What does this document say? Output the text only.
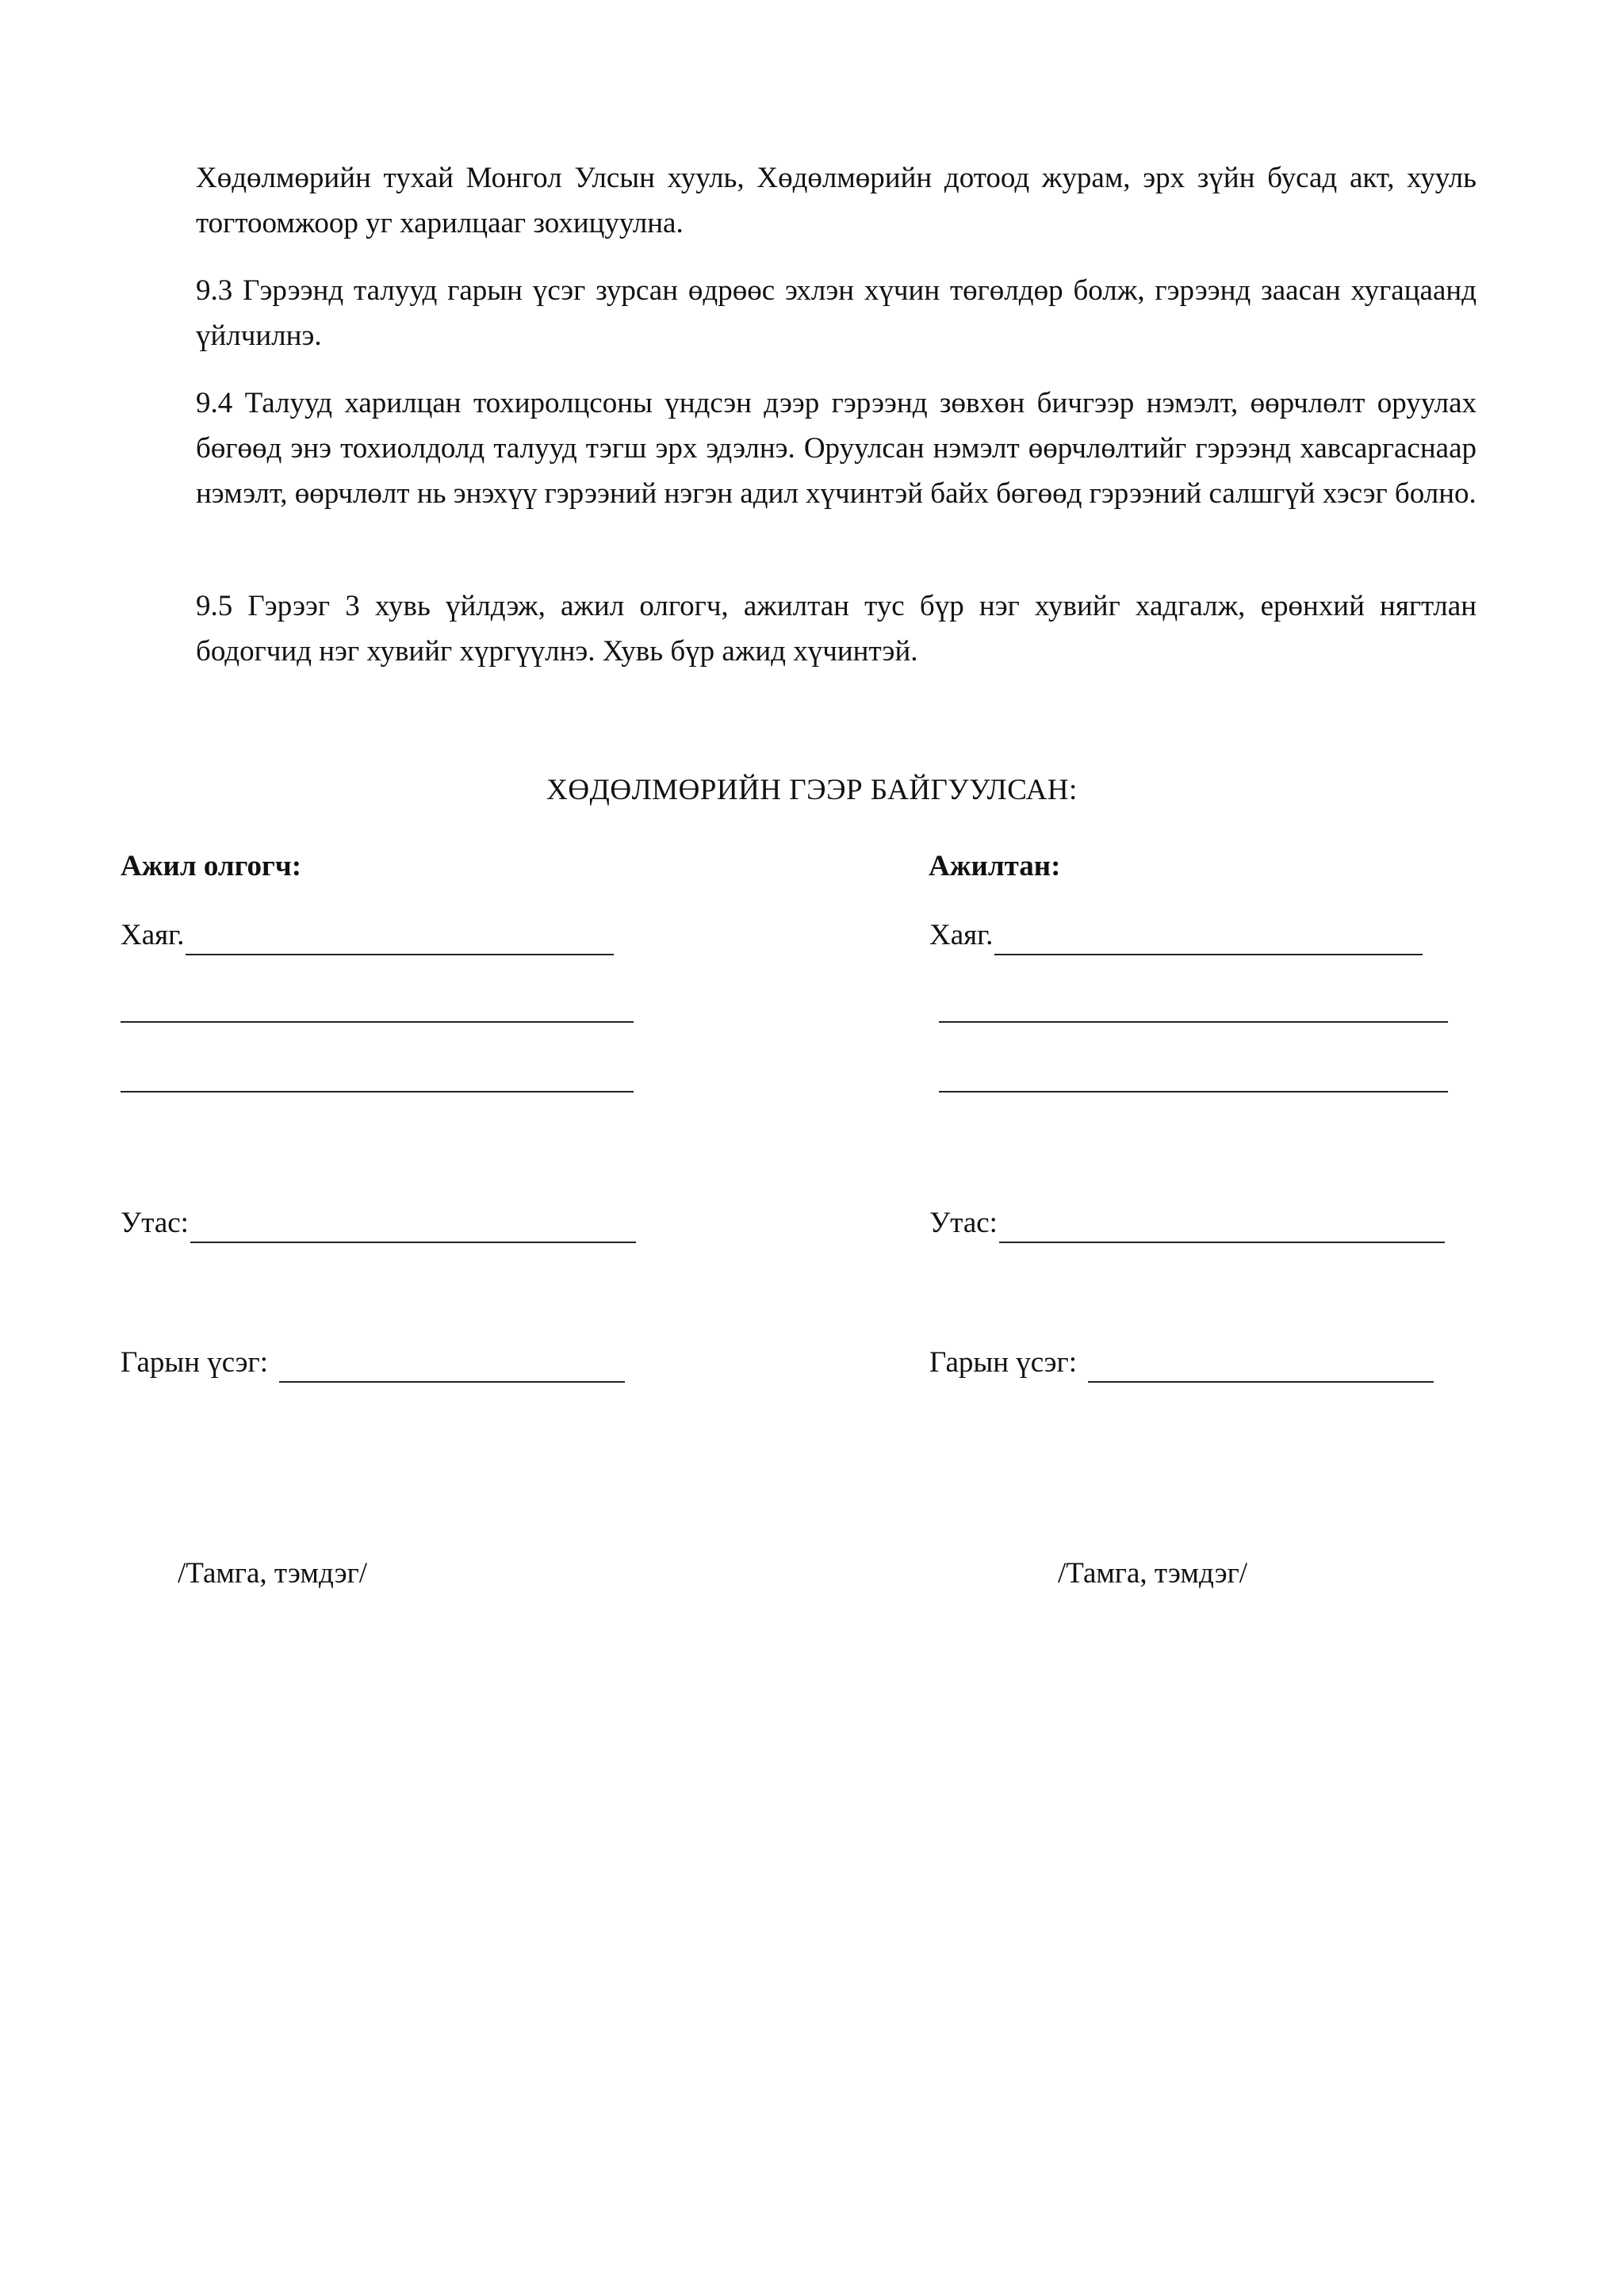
Хөдөлмөрийн тухай Монгол Улсын хууль, Хөдөлмөрийн дотоод журам, эрх зүйн бусад акт, хууль тогтоомжоор уг харилцааг зохицуулна.

9.3 Гэрээнд талууд гарын үсэг зурсан өдрөөс эхлэн хүчин төгөлдөр болж, гэрээнд заасан хугацаанд үйлчилнэ.

9.4 Талууд харилцан тохиролцсоны үндсэн дээр гэрээнд зөвхөн бичгээр нэмэлт, өөрчлөлт оруулах бөгөөд энэ тохиолдолд талууд тэгш эрх эдэлнэ. Оруулсан нэмэлт өөрчлөлтийг гэрээнд хавсаргаснаар нэмэлт, өөрчлөлт нь энэхүү гэрээний нэгэн адил хүчинтэй байх бөгөөд гэрээний салшгүй хэсэг болно.

9.5 Гэрээг 3 хувь үйлдэж, ажил олгогч, ажилтан тус бүр нэг хувийг хадгалж, ерөнхий нягтлан бодогчид нэг хувийг хүргүүлнэ. Хувь бүр ажид хүчинтэй.

ХӨДӨЛМӨРИЙН ГЭЭР БАЙГУУЛСАН:

Ажил олгогч:

Хаяг.
Утас:
Гарын үсэг:

/Тамга, тэмдэг/

Ажилтан:

Хаяг.
Утас:
Гарын үсэг:

/Тамга, тэмдэг/
